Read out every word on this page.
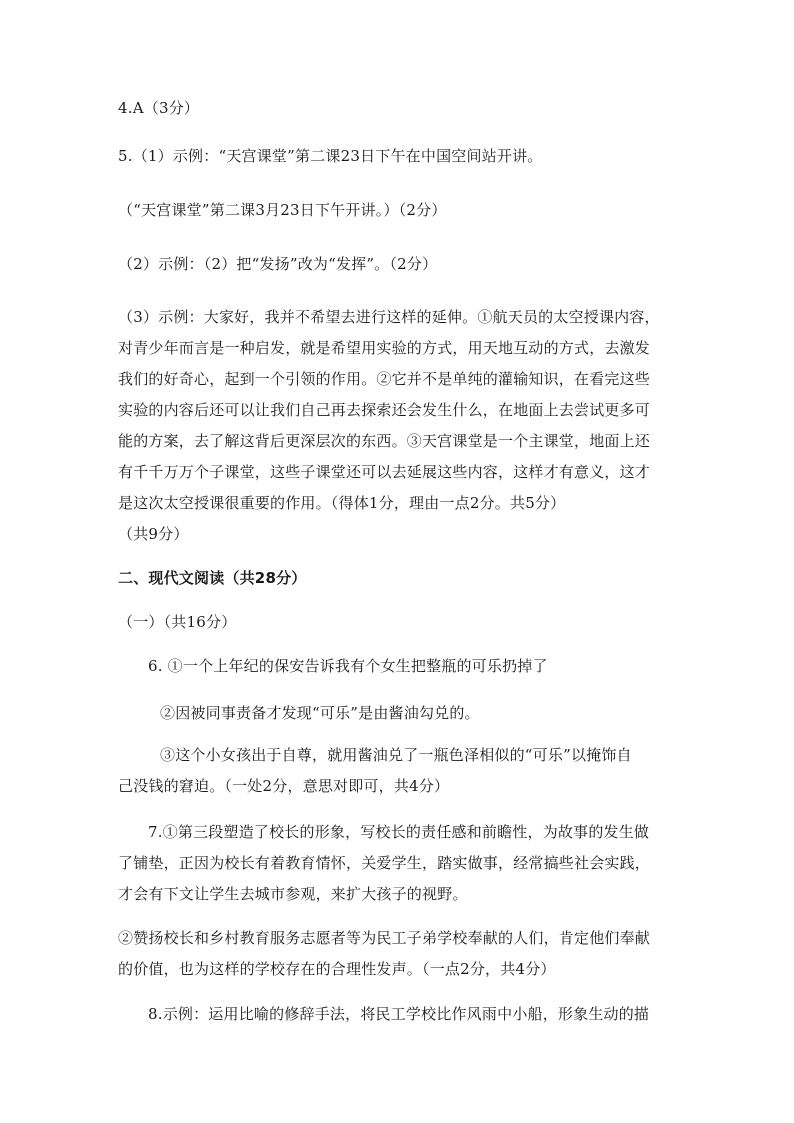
4.A（3分）
5.（1）示例：“天宫课堂”第二课23日下午在中国空间站开讲。
（“天宫课堂”第二课3月23日下午开讲。）（2分）
（2）示例：（2）把“发扬”改为“发挥”。（2分）
（3）示例：大家好，我并不希望去进行这样的延伸。①航天员的太空授课内容，
对青少年而言是一种启发，就是希望用实验的方式，用天地互动的方式，去激发
我们的好奇心，起到一个引领的作用。②它并不是单纯的灌输知识，在看完这些
实验的内容后还可以让我们自己再去探索还会发生什么，在地面上去尝试更多可
能的方案，去了解这背后更深层次的东西。③天宫课堂是一个主课堂，地面上还
有千千万万个子课堂，这些子课堂还可以去延展这些内容，这样才有意义，这才
是这次太空授课很重要的作用。（得体1分，理由一点2分。共5分）
（共9分）
二、现代文阅读（共28分）
（一）（共16分）
6. ①一个上年纪的保安告诉我有个女生把整瓶的可乐扔掉了
②因被同事责备才发现“可乐”是由酱油勾兑的。
③这个小女孩出于自尊，就用酱油兑了一瓶色泽相似的“可乐”以掩饰自
己没钱的窘迫。（一处2分，意思对即可，共4分）
7.①第三段塑造了校长的形象，写校长的责任感和前瞻性，为故事的发生做
了铺垫，正因为校长有着教育情怀，关爱学生，踏实做事，经常搞些社会实践，
才会有下文让学生去城市参观，来扩大孩子的视野。
②赞扬校长和乡村教育服务志愿者等为民工子弟学校奉献的人们，肯定他们奉献
的价值，也为这样的学校存在的合理性发声。（一点2分，共4分）
8.示例：运用比喻的修辞手法，将民工学校比作风雨中小船，形象生动的描
